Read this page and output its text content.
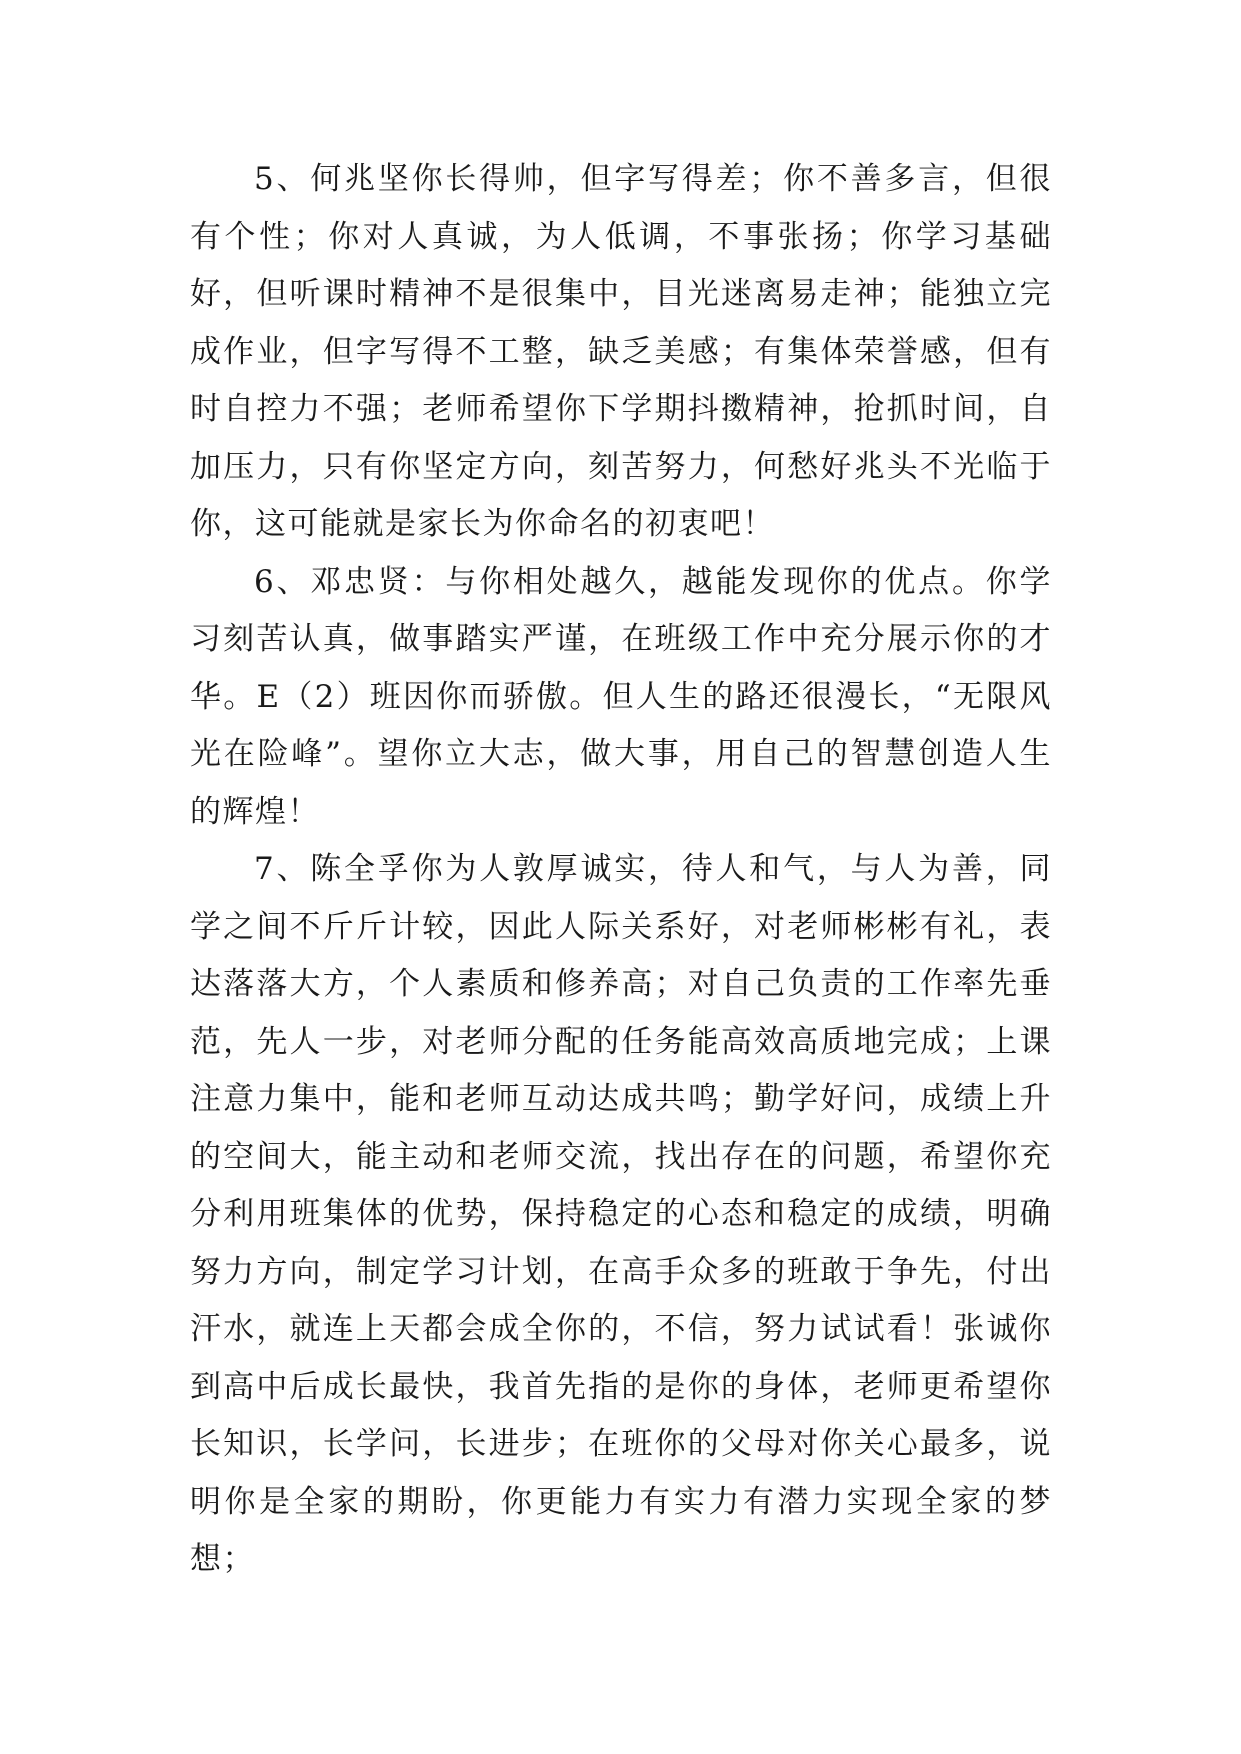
5、何兆坚你长得帅，但字写得差；你不善多言，但很有个性；你对人真诚，为人低调，不事张扬；你学习基础好，但听课时精神不是很集中，目光迷离易走神；能独立完成作业，但字写得不工整，缺乏美感；有集体荣誉感，但有时自控力不强；老师希望你下学期抖擞精神，抢抓时间，自加压力，只有你坚定方向，刻苦努力，何愁好兆头不光临于你，这可能就是家长为你命名的初衷吧！

6、邓忠贤：与你相处越久，越能发现你的优点。你学习刻苦认真，做事踏实严谨，在班级工作中充分展示你的才华。E（2）班因你而骄傲。但人生的路还很漫长，“无限风光在险峰”。望你立大志，做大事，用自己的智慧创造人生的辉煌！

7、陈全孚你为人敦厚诚实，待人和气，与人为善，同学之间不斤斤计较，因此人际关系好，对老师彬彬有礼，表达落落大方，个人素质和修养高；对自己负责的工作率先垂范，先人一步，对老师分配的任务能高效高质地完成；上课注意力集中，能和老师互动达成共鸣；勤学好问，成绩上升的空间大，能主动和老师交流，找出存在的问题，希望你充分利用班集体的优势，保持稳定的心态和稳定的成绩，明确努力方向，制定学习计划，在高手众多的班敢于争先，付出汗水，就连上天都会成全你的，不信，努力试试看！张诚你到高中后成长最快，我首先指的是你的身体，老师更希望你长知识，长学问，长进步；在班你的父母对你关心最多，说明你是全家的期盼，你更能力有实力有潜力实现全家的梦想；
